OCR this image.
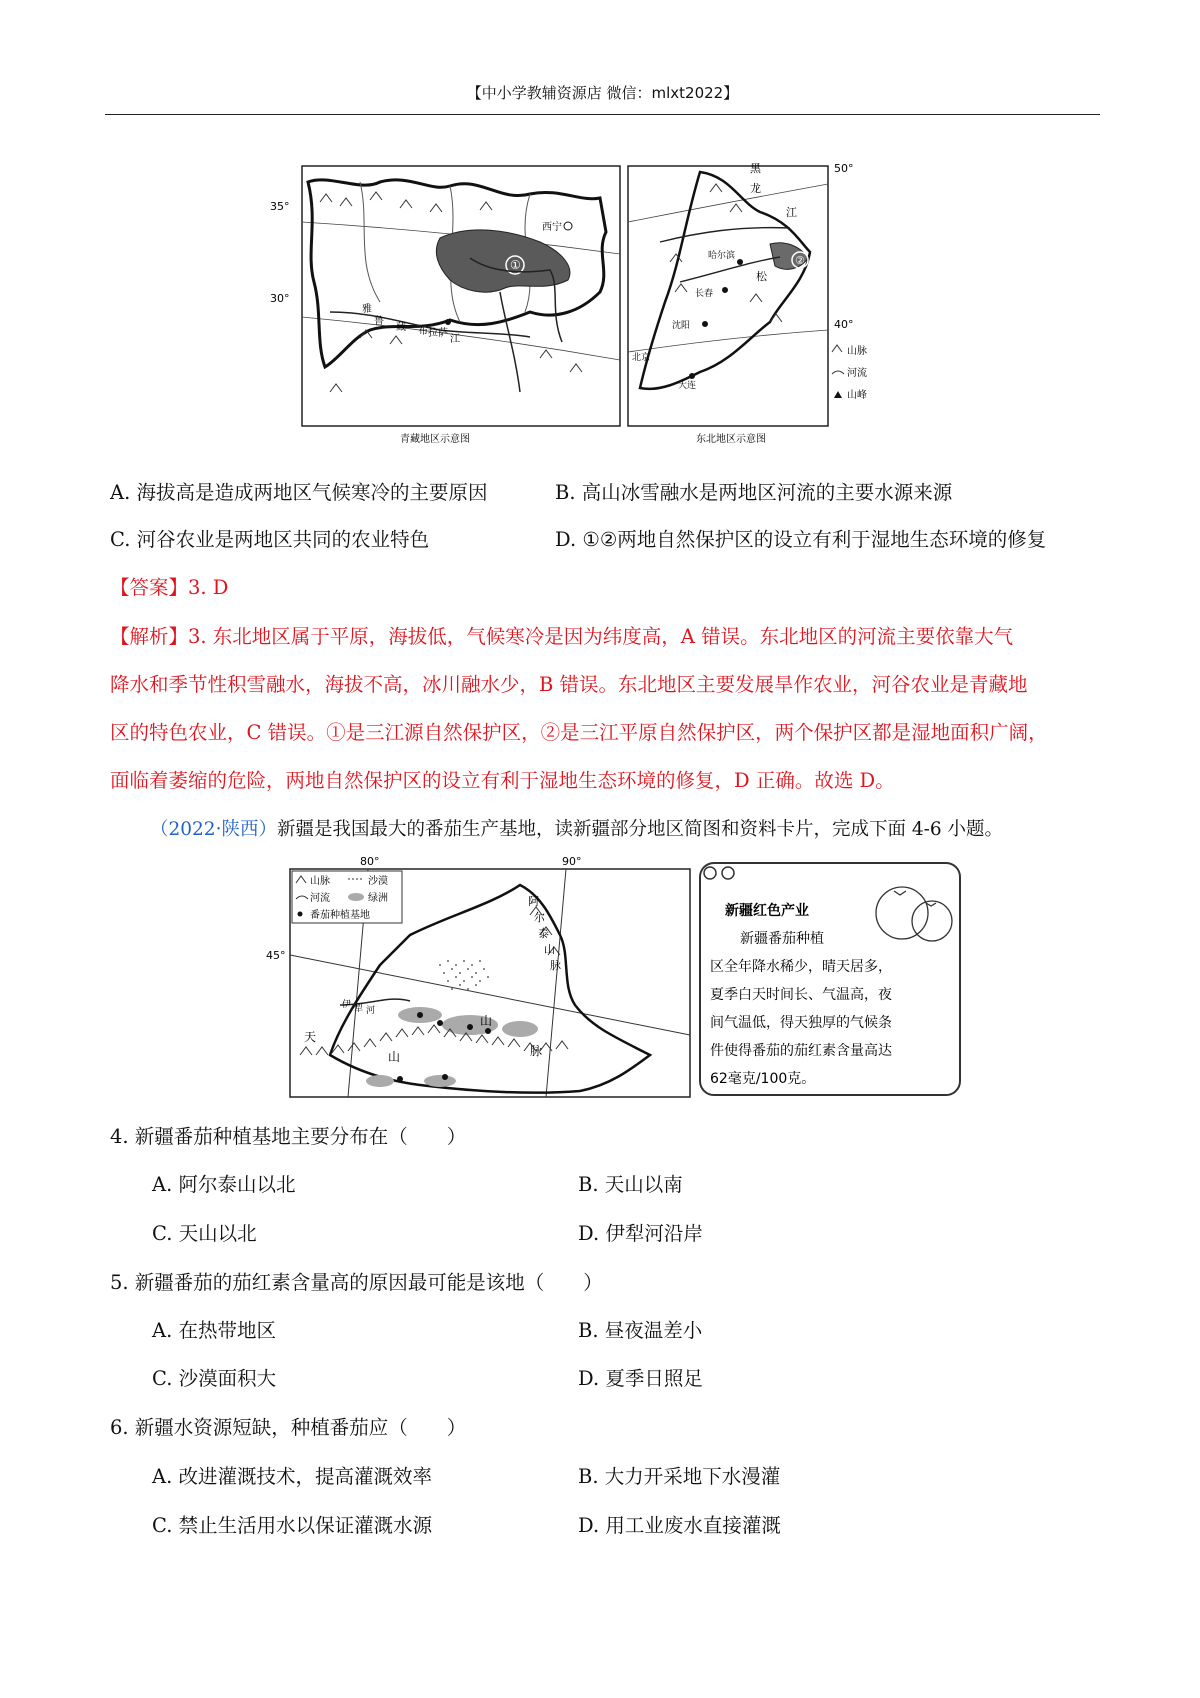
【中小学教辅资源店 微信：mlxt2022】
35°
30°
西宁
拉萨
①
雅
鲁
藏 布
江
青藏地区示意图
50°
40°
黑
龙
江
哈尔滨
松
长春
沈阳
大连
北京
②
山脉
河流
山峰
东北地区示意图
A. 海拔高是造成两地区气候寒冷的主要原因	B. 高山冰雪融水是两地区河流的主要水源来源
C. 河谷农业是两地区共同的农业特色	D. ①②两地自然保护区的设立有利于湿地生态环境的修复
【答案】3. D
【解析】3. 东北地区属于平原，海拔低，气候寒冷是因为纬度高，A 错误。东北地区的河流主要依靠大气
降水和季节性积雪融水，海拔不高，冰川融水少，B 错误。东北地区主要发展旱作农业，河谷农业是青藏地
区的特色农业，C 错误。①是三江源自然保护区，②是三江平原自然保护区，两个保护区都是湿地面积广阔，
面临着萎缩的危险，两地自然保护区的设立有利于湿地生态环境的修复，D 正确。故选 D。
（2022·陕西）新疆是我国最大的番茄生产基地，读新疆部分地区简图和资料卡片，完成下面 4-6 小题。
80°	90°
45°
阿
尔
泰
山
脉
天
山
山
脉
伊 犁 河
山脉	沙漠
河流	绿洲
番茄种植基地	新疆红色产业
新疆番茄种植
区全年降水稀少，晴天居多，
夏季白天时间长、气温高，夜
间气温低，得天独厚的气候条
件使得番茄的茄红素含量高达
62毫克/100克。
4. 新疆番茄种植基地主要分布在（　　）
A. 阿尔泰山以北	B. 天山以南
C. 天山以北	D. 伊犁河沿岸
5. 新疆番茄的茄红素含量高的原因最可能是该地（　　）
A. 在热带地区	B. 昼夜温差小
C. 沙漠面积大	D. 夏季日照足
6. 新疆水资源短缺，种植番茄应（　　）
A. 改进灌溉技术，提高灌溉效率	B. 大力开采地下水漫灌
C. 禁止生活用水以保证灌溉水源	D. 用工业废水直接灌溉
